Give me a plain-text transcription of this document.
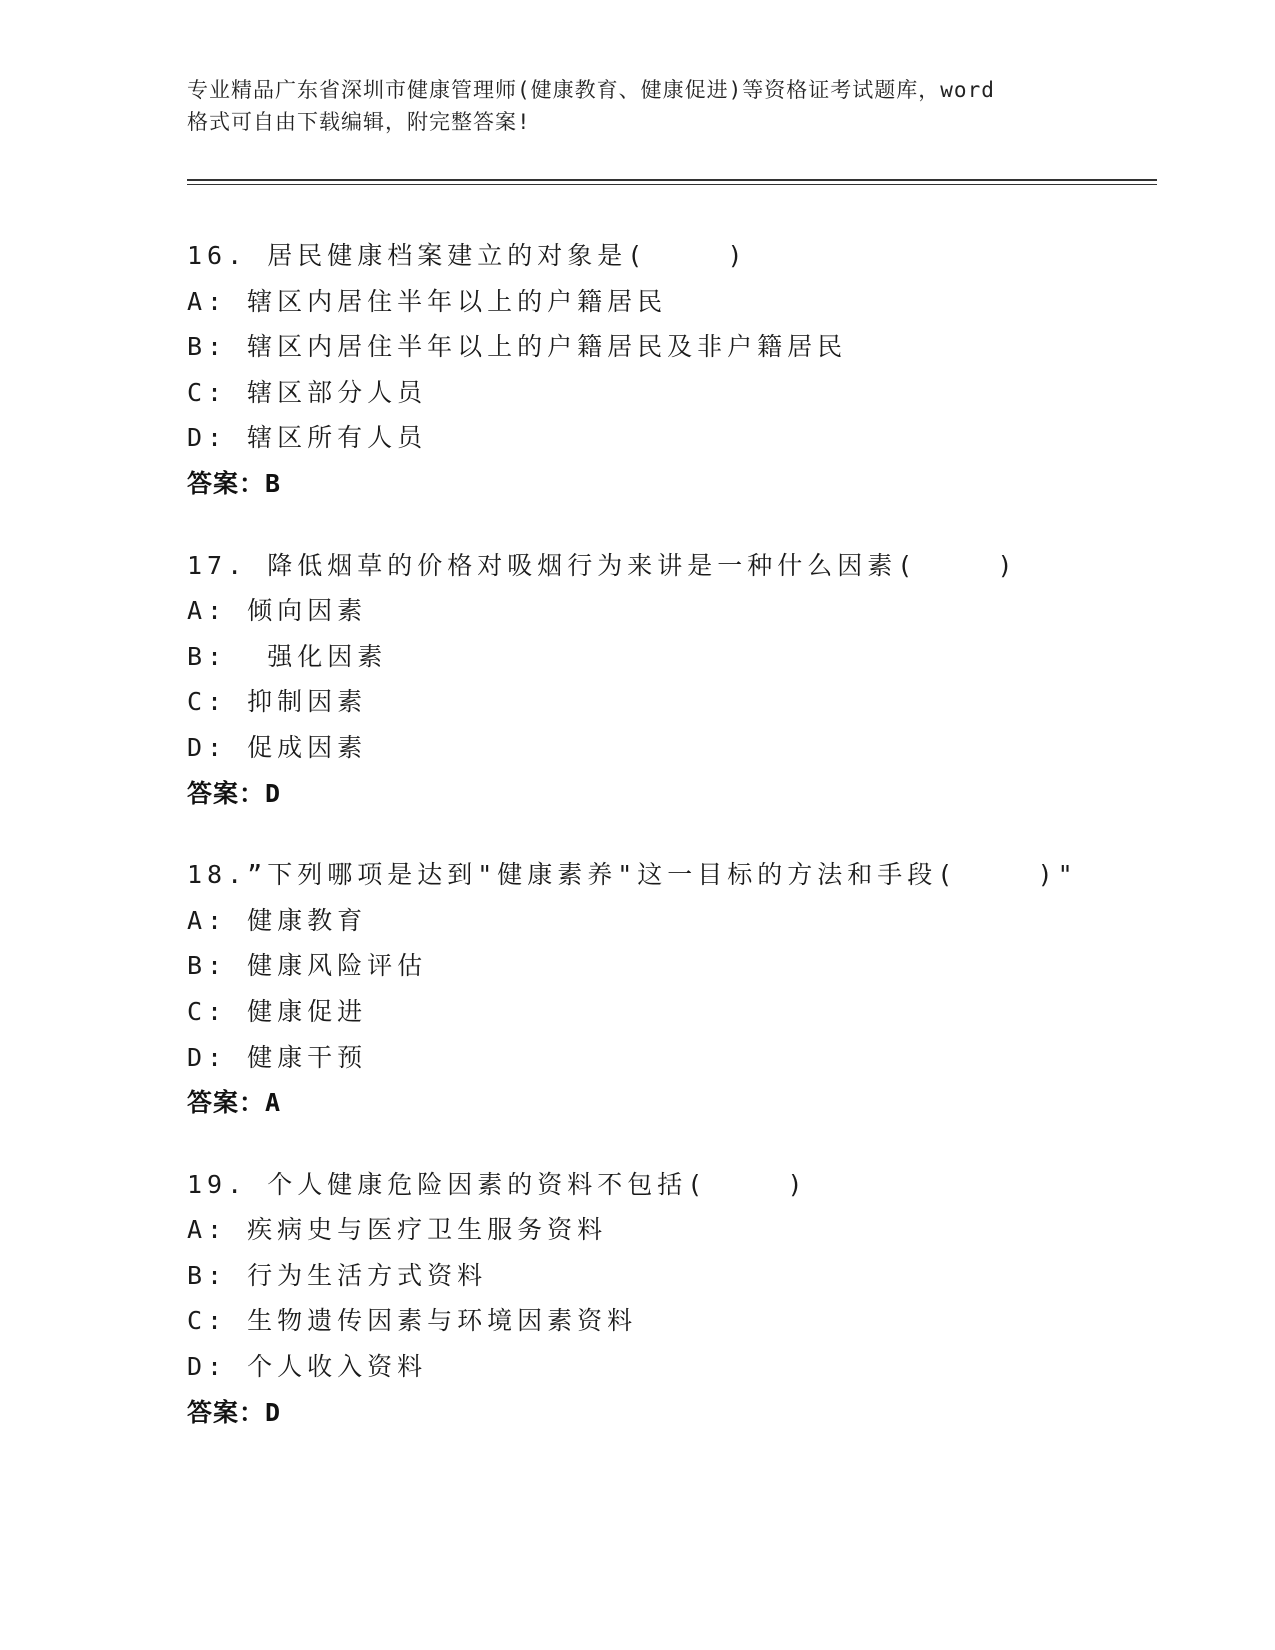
专业精品广东省深圳市健康管理师(健康教育、健康促进)等资格证考试题库，word
格式可自由下载编辑，附完整答案!
16. 居民健康档案建立的对象是(    )
A: 辖区内居住半年以上的户籍居民
B: 辖区内居住半年以上的户籍居民及非户籍居民
C: 辖区部分人员
D: 辖区所有人员
答案：B
17. 降低烟草的价格对吸烟行为来讲是一种什么因素(    )
A: 倾向因素
B:  强化因素
C: 抑制因素
D: 促成因素
答案：D
18.”下列哪项是达到"健康素养"这一目标的方法和手段(    )"
A: 健康教育
B: 健康风险评估
C: 健康促进
D: 健康干预
答案：A
19. 个人健康危险因素的资料不包括(    )
A: 疾病史与医疗卫生服务资料
B: 行为生活方式资料
C: 生物遗传因素与环境因素资料
D: 个人收入资料
答案：D
